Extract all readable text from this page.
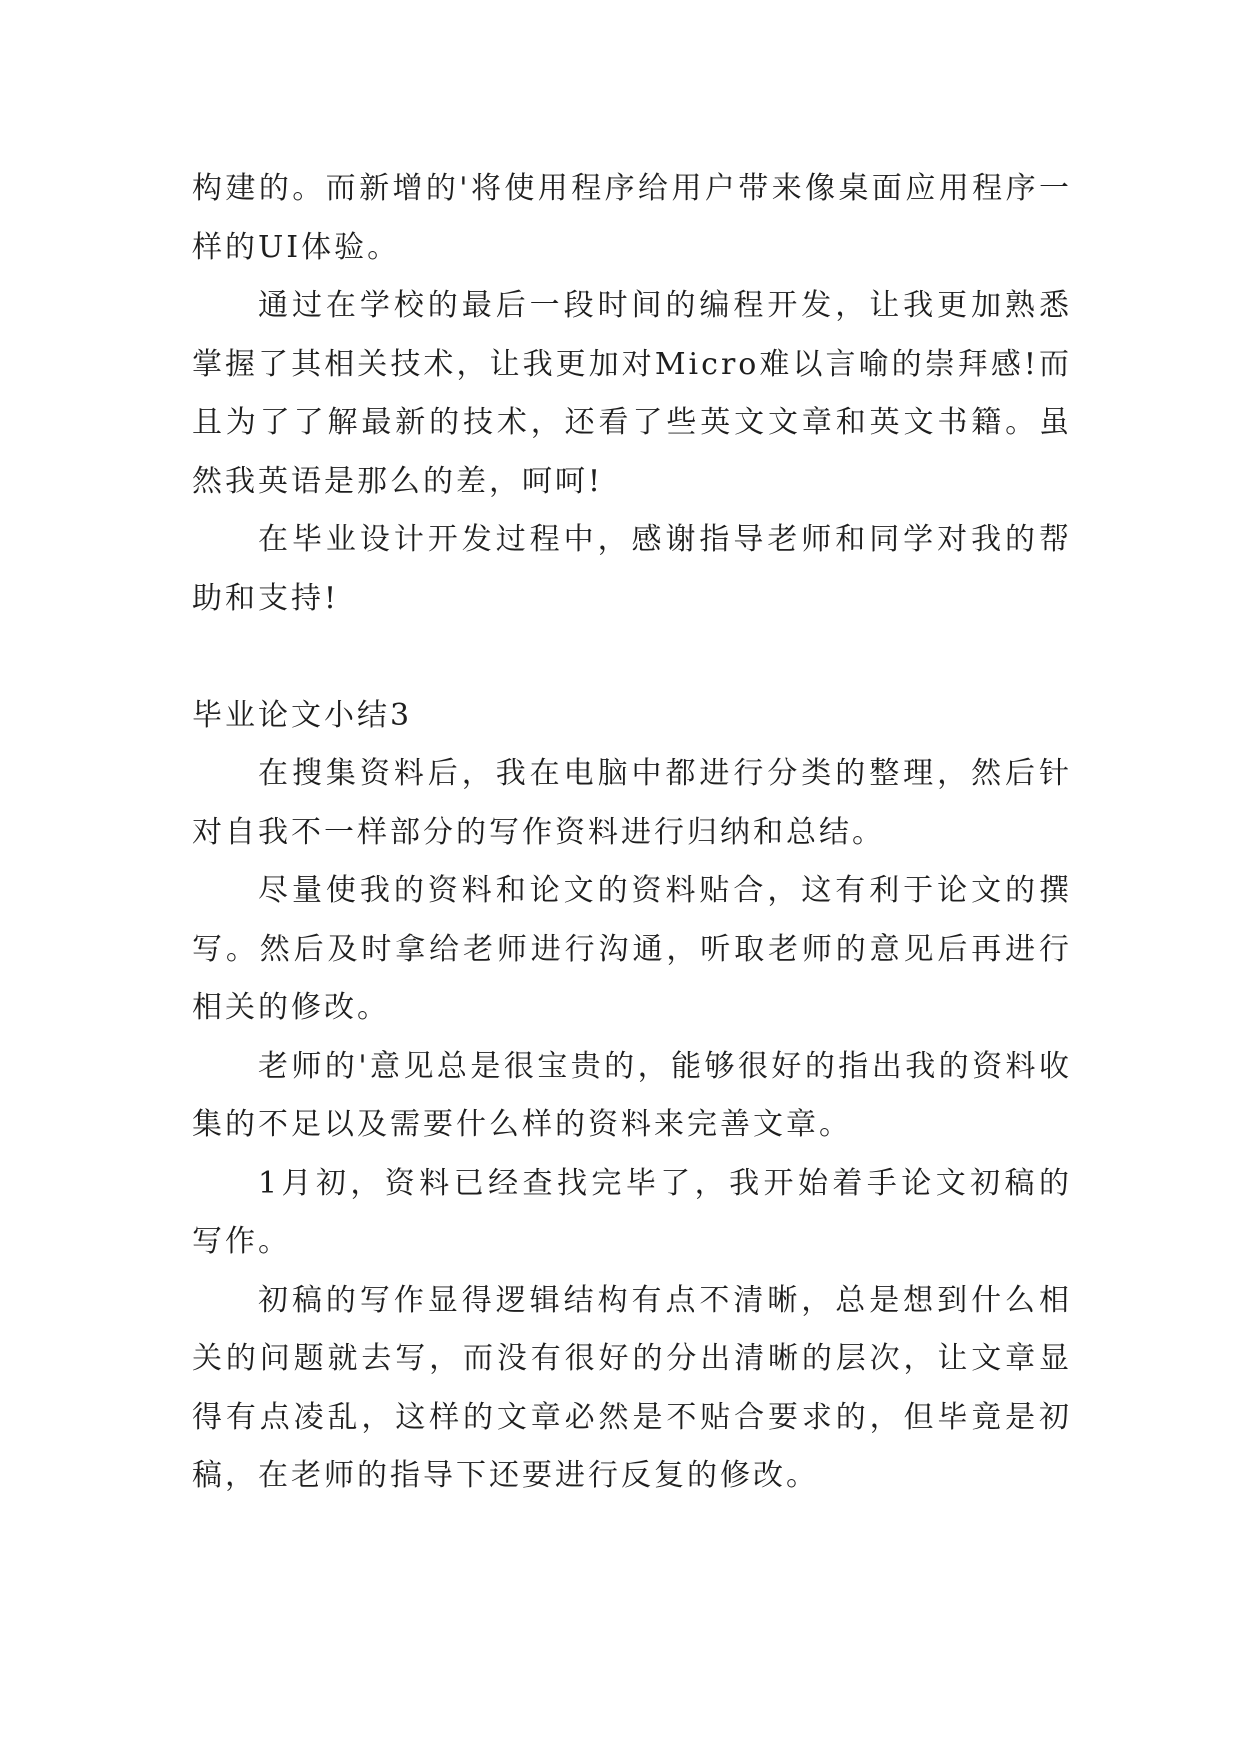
构建的。而新增的'将使用程序给用户带来像桌面应用程序一样的UI体验。

通过在学校的最后一段时间的编程开发，让我更加熟悉掌握了其相关技术，让我更加对Micro难以言喻的崇拜感!而且为了了解最新的技术，还看了些英文文章和英文书籍。虽然我英语是那么的差，呵呵!

在毕业设计开发过程中，感谢指导老师和同学对我的帮助和支持!

毕业论文小结3

在搜集资料后，我在电脑中都进行分类的整理，然后针对自我不一样部分的写作资料进行归纳和总结。

尽量使我的资料和论文的资料贴合，这有利于论文的撰写。然后及时拿给老师进行沟通，听取老师的意见后再进行相关的修改。

老师的'意见总是很宝贵的，能够很好的指出我的资料收集的不足以及需要什么样的资料来完善文章。

1月初，资料已经查找完毕了，我开始着手论文初稿的写作。

初稿的写作显得逻辑结构有点不清晰，总是想到什么相关的问题就去写，而没有很好的分出清晰的层次，让文章显得有点凌乱，这样的文章必然是不贴合要求的，但毕竟是初稿，在老师的指导下还要进行反复的修改。
